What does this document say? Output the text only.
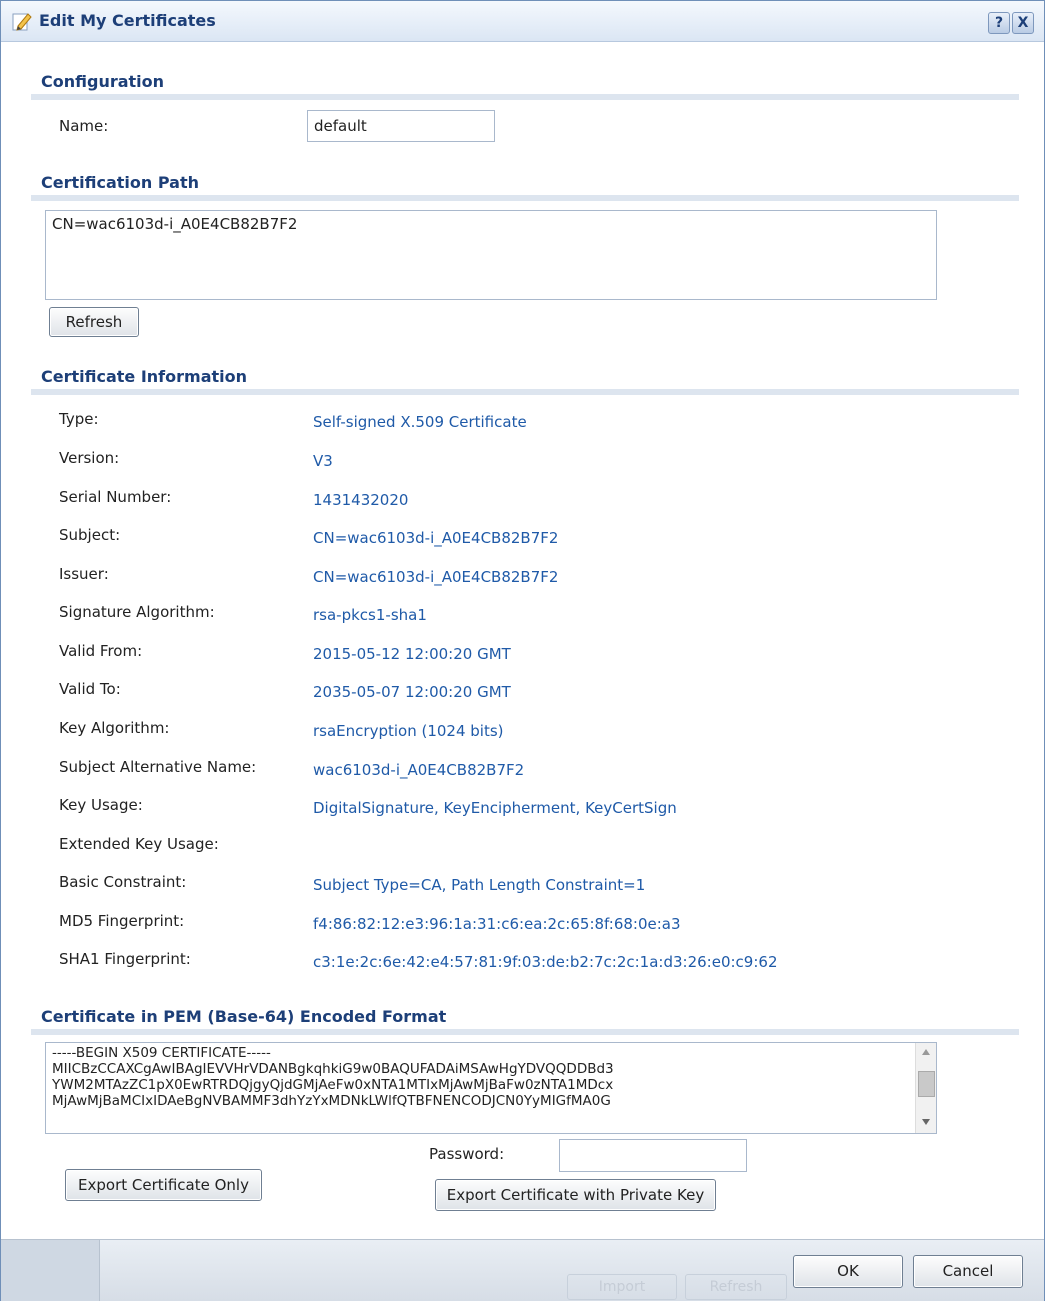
Edit My Certificates	?	X
Configuration
Name:	default
Certification Path
CN=wac6103d-i_A0E4CB82B7F2
Refresh
Certificate Information
Type:	Self-signed X.509 Certificate
Version:	V3
Serial Number:	1431432020
Subject:	CN=wac6103d-i_A0E4CB82B7F2
Issuer:	CN=wac6103d-i_A0E4CB82B7F2
Signature Algorithm:	rsa-pkcs1-sha1
Valid From:	2015-05-12 12:00:20 GMT
Valid To:	2035-05-07 12:00:20 GMT
Key Algorithm:	rsaEncryption (1024 bits)
Subject Alternative Name:	wac6103d-i_A0E4CB82B7F2
Key Usage:	DigitalSignature, KeyEncipherment, KeyCertSign
Extended Key Usage:
Basic Constraint:	Subject Type=CA, Path Length Constraint=1
MD5 Fingerprint:	f4:86:82:12:e3:96:1a:31:c6:ea:2c:65:8f:68:0e:a3
SHA1 Fingerprint:	c3:1e:2c:6e:42:e4:57:81:9f:03:de:b2:7c:2c:1a:d3:26:e0:c9:62
Certificate in PEM (Base-64) Encoded Format
-----BEGIN X509 CERTIFICATE-----
MIICBzCCAXCgAwIBAgIEVVHrVDANBgkqhkiG9w0BAQUFADAiMSAwHgYDVQQDDBd3
YWM2MTAzZC1pX0EwRTRDQjgyQjdGMjAeFw0xNTA1MTIxMjAwMjBaFw0zNTA1MDcx
MjAwMjBaMCIxIDAeBgNVBAMMF3dhYzYxMDNkLWlfQTBFNENCODJCN0YyMIGfMA0G
Password:
Export Certificate Only
Export Certificate with Private Key
Import	Refresh
OK	Cancel
